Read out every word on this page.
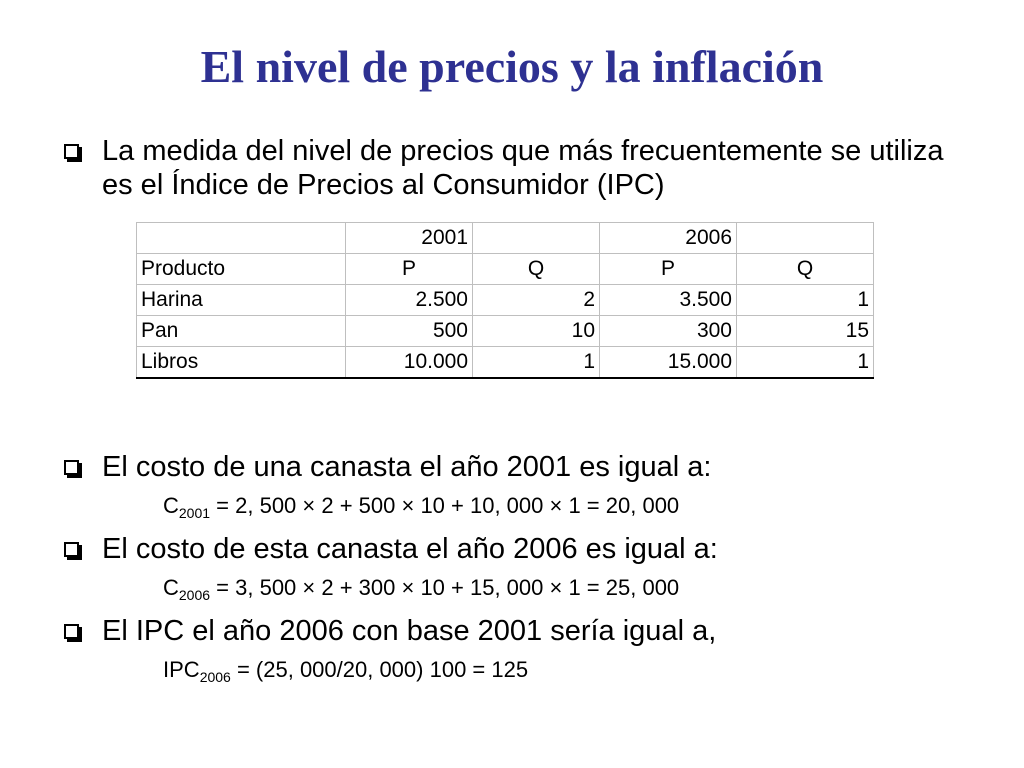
El nivel de precios y la inflación
La medida del nivel de precios que más frecuentemente se utiliza es el Índice de Precios al Consumidor (IPC)
	2001		2006	
Producto	P	Q	P	Q
Harina	2.500	2	3.500	1
Pan	500	10	300	15
Libros	10.000	1	15.000	1
El costo de una canasta el año 2001 es igual a:
$C_{2001} = 2$, 500 × 2 + 500 × 10 + 10, 000 × 1 = 20, 000
El costo de esta canasta el año 2006 es igual a:
$C_{2006} = 3$, 500 × 2 + 300 × 10 + 15, 000 × 1 = 25, 000
El IPC el año 2006 con base 2001 sería igual a,
$IPC_{2006} = (25$, 000/20, 000) 100 = 125
